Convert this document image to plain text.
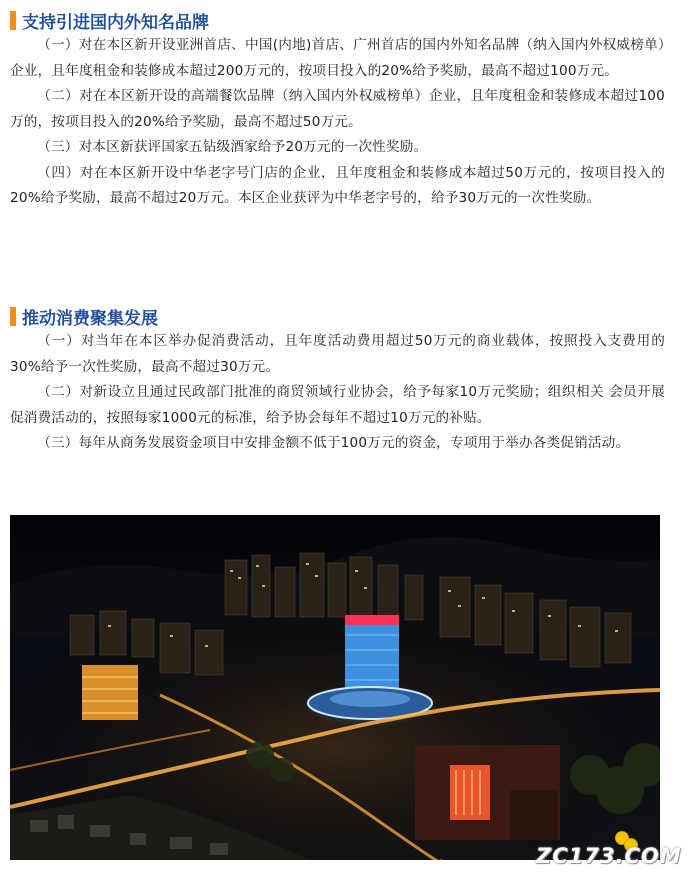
支持引进国内外知名品牌

（一）对在本区新开设亚洲首店、中国(内地)首店、广州首店的国内外知名品牌（纳入国内外权威榜单）企业，且年度租金和装修成本超过200万元的，按项目投入的20%给予奖励，最高不超过100万元。

（二）对在本区新开设的高端餐饮品牌（纳入国内外权威榜单）企业，且年度租金和装修成本超过100万的，按项目投入的20%给予奖励，最高不超过50万元。

（三）对本区新获评国家五钻级酒家给予20万元的一次性奖励。

（四）对在本区新开设中华老字号门店的企业，且年度租金和装修成本超过50万元的，按项目投入的20%给予奖励，最高不超过20万元。本区企业获评为中华老字号的，给予30万元的一次性奖励。

推动消费聚集发展

（一）对当年在本区举办促消费活动，且年度活动费用超过50万元的商业载体，按照投入支费用的30%给予一次性奖励，最高不超过30万元。

（二）对新设立且通过民政部门批准的商贸领域行业协会，给予每家10万元奖励；组织相关 会员开展促消费活动的，按照每家1000元的标准，给予协会每年不超过10万元的补贴。

（三）每年从商务发展资金项目中安排金额不低于100万元的资金，专项用于举办各类促销活动。

ZC173.COM
